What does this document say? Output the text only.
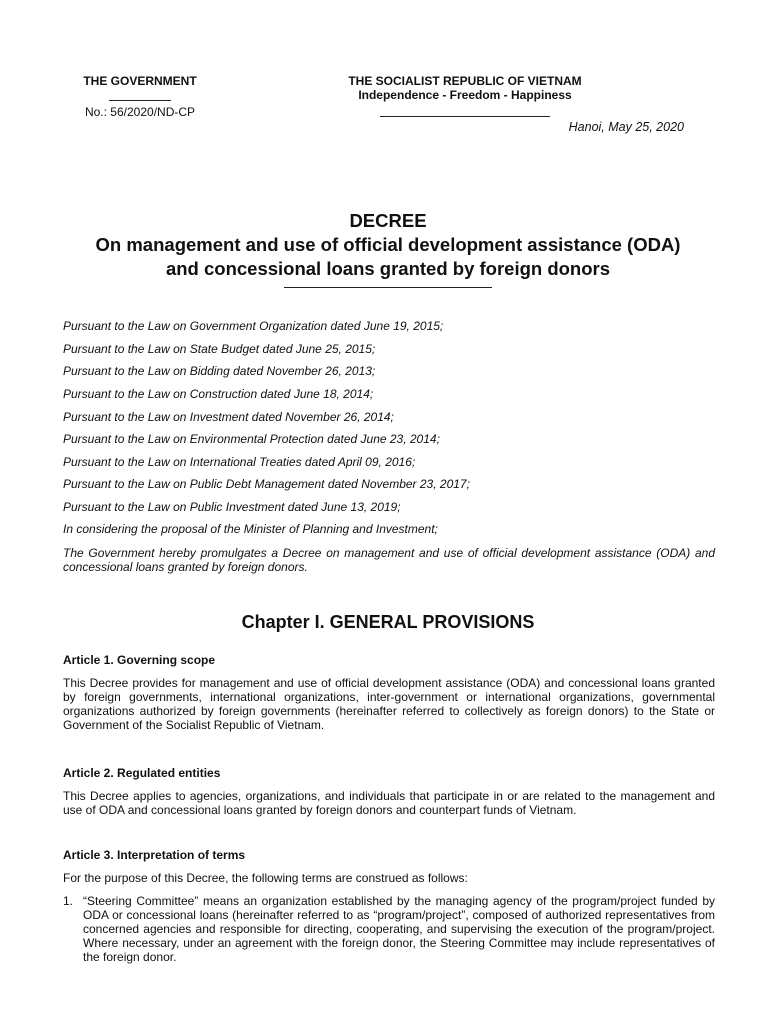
THE GOVERNMENT
No.: 56/2020/ND-CP
THE SOCIALIST REPUBLIC OF VIETNAM
Independence - Freedom - Happiness
Hanoi, May 25, 2020
DECREE
On management and use of official development assistance (ODA)
and concessional loans granted by foreign donors
Pursuant to the Law on Government Organization dated June 19, 2015;
Pursuant to the Law on State Budget dated June 25, 2015;
Pursuant to the Law on Bidding dated November 26, 2013;
Pursuant to the Law on Construction dated June 18, 2014;
Pursuant to the Law on Investment dated November 26, 2014;
Pursuant to the Law on Environmental Protection dated June 23, 2014;
Pursuant to the Law on International Treaties dated April 09, 2016;
Pursuant to the Law on Public Debt Management dated November 23, 2017;
Pursuant to the Law on Public Investment dated June 13, 2019;
In considering the proposal of the Minister of Planning and Investment;
The Government hereby promulgates a Decree on management and use of official development assistance (ODA) and concessional loans granted by foreign donors.
Chapter I. GENERAL PROVISIONS
Article 1. Governing scope
This Decree provides for management and use of official development assistance (ODA) and concessional loans granted by foreign governments, international organizations, inter-government or international organizations, governmental organizations authorized by foreign governments (hereinafter referred to collectively as foreign donors) to the State or Government of the Socialist Republic of Vietnam.
Article 2. Regulated entities
This Decree applies to agencies, organizations, and individuals that participate in or are related to the management and use of ODA and concessional loans granted by foreign donors and counterpart funds of Vietnam.
Article 3. Interpretation of terms
For the purpose of this Decree, the following terms are construed as follows:
1. “Steering Committee” means an organization established by the managing agency of the program/project funded by ODA or concessional loans (hereinafter referred to as “program/project”, composed of authorized representatives from concerned agencies and responsible for directing, cooperating, and supervising the execution of the program/project. Where necessary, under an agreement with the foreign donor, the Steering Committee may include representatives of the foreign donor.
